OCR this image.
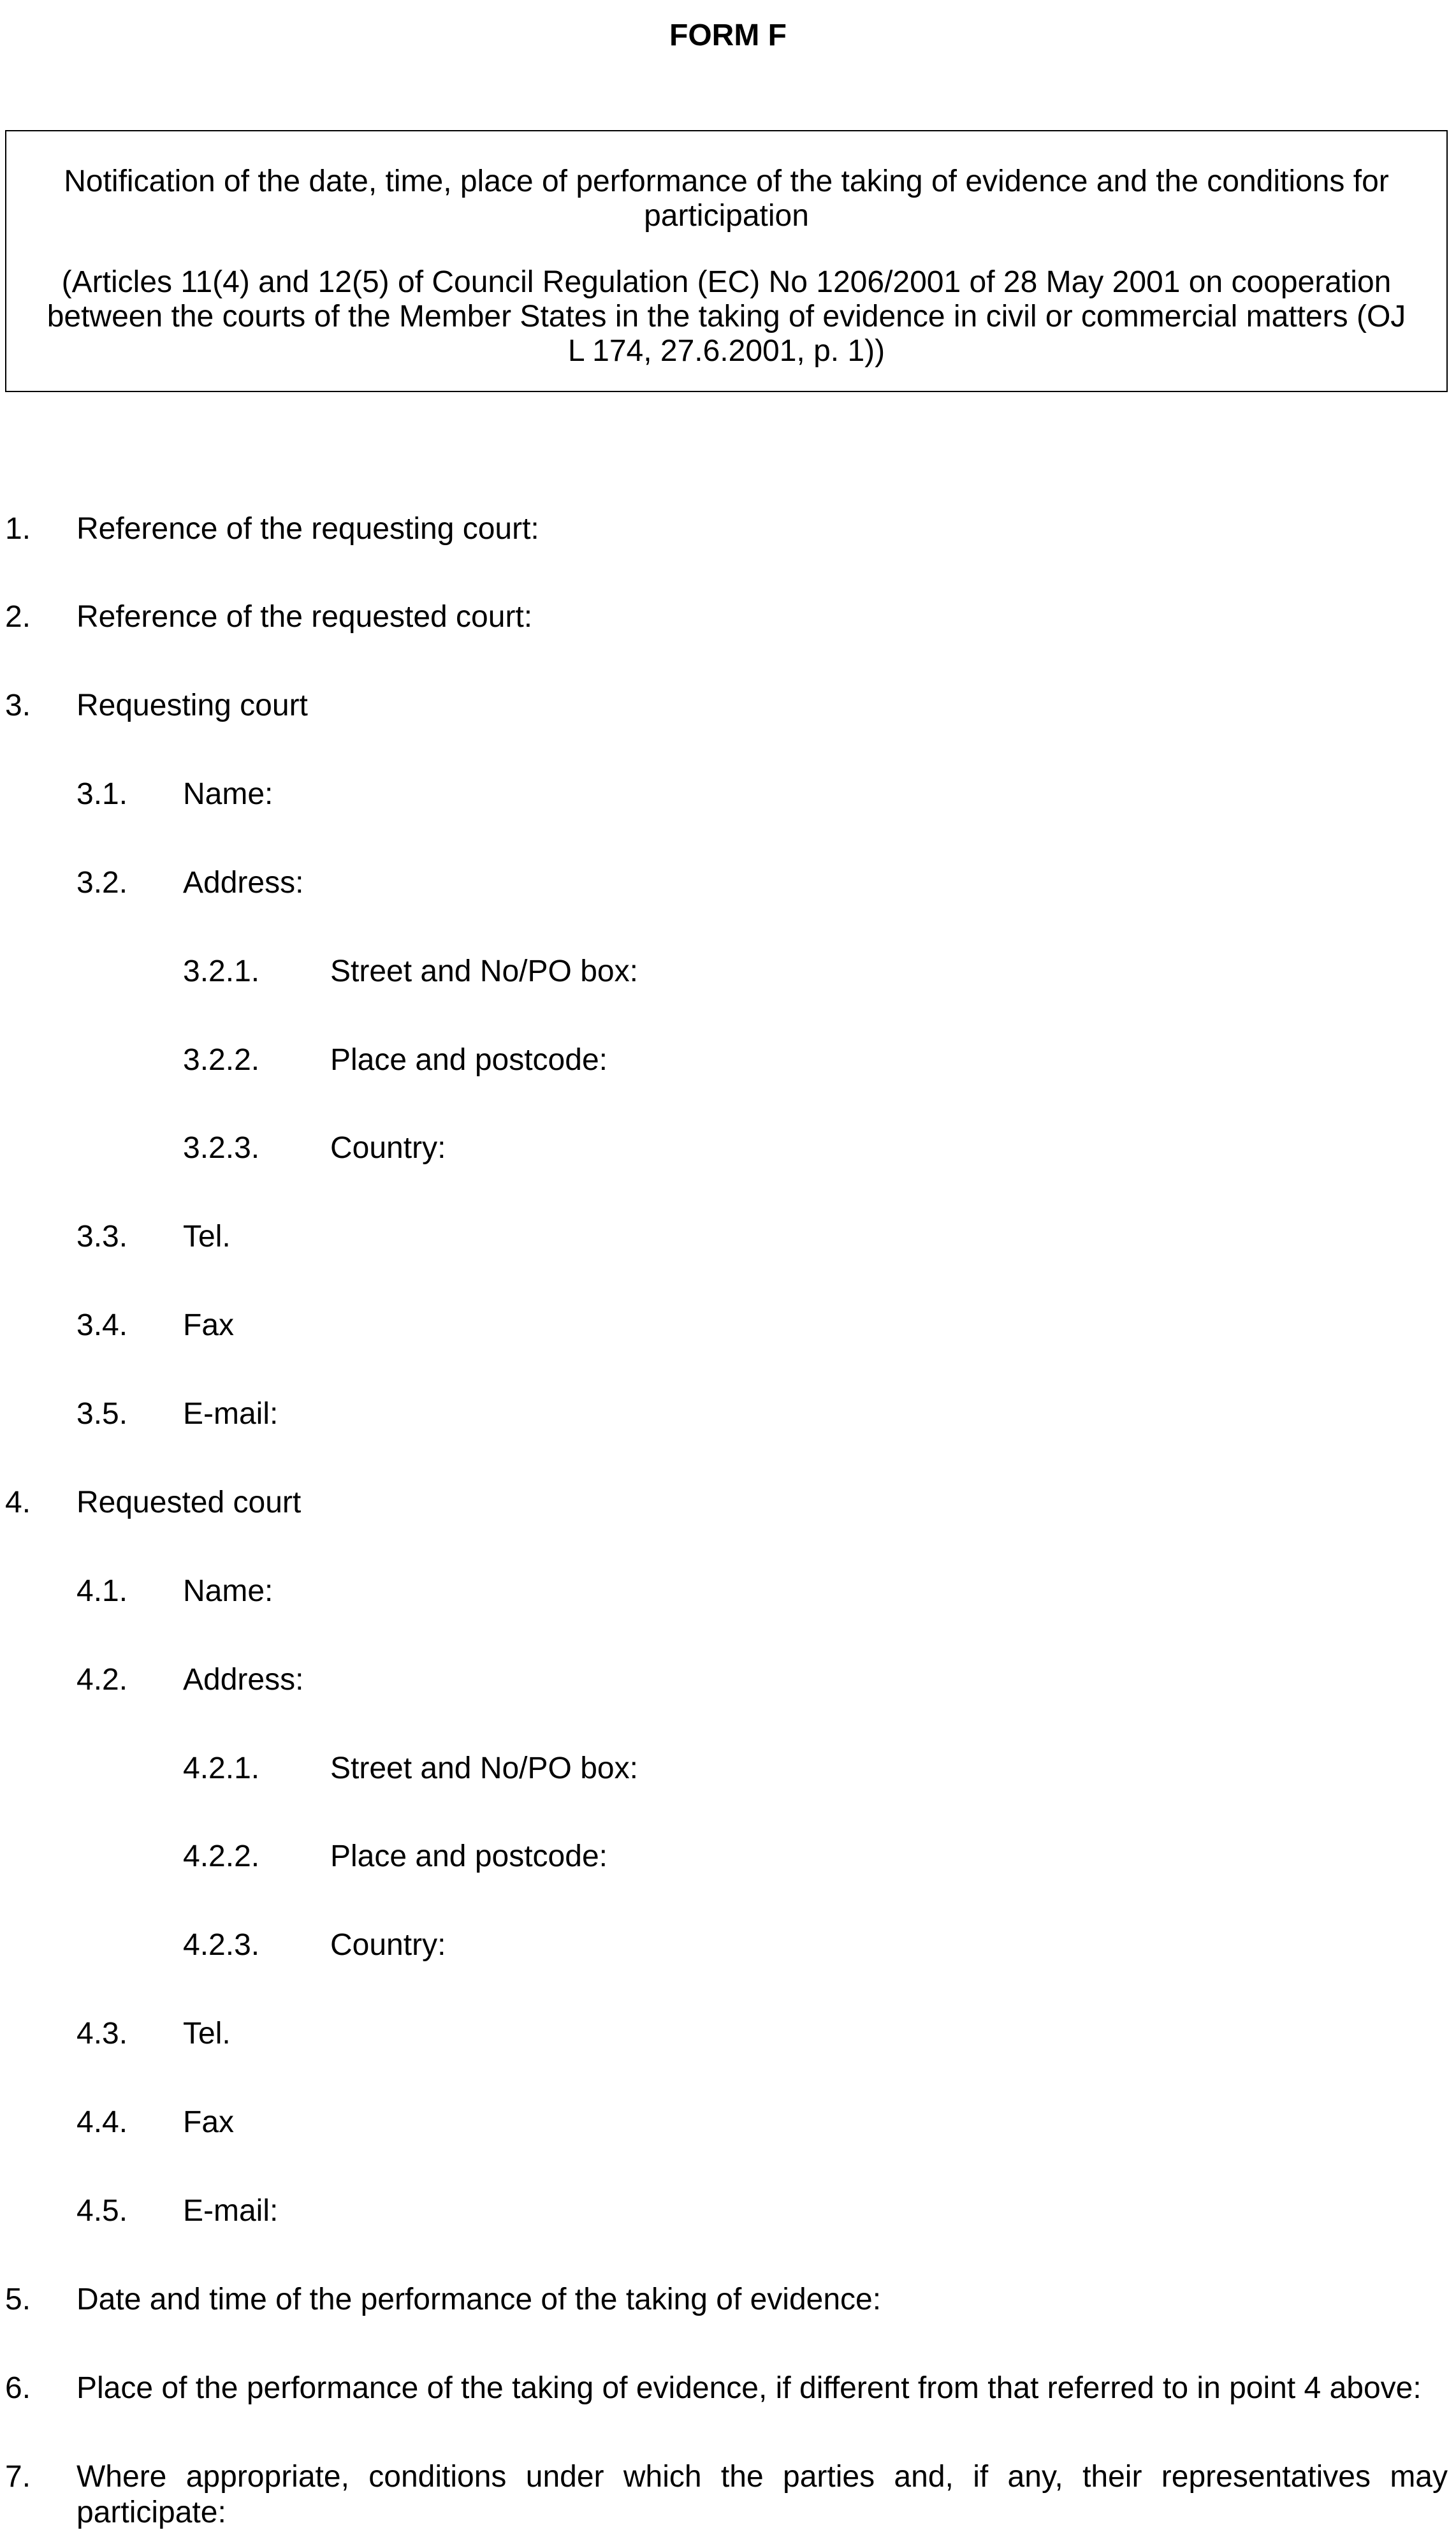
FORM F
Notification of the date, time, place of performance of the taking of evidence and the conditions for participation
(Articles 11(4) and 12(5) of Council Regulation (EC) No 1206/2001 of 28 May 2001 on cooperation between the courts of the Member States in the taking of evidence in civil or commercial matters (OJ L 174, 27.6.2001, p. 1))
1. Reference of the requesting court:
2. Reference of the requested court:
3. Requesting court
3.1. Name:
3.2. Address:
3.2.1. Street and No/PO box:
3.2.2. Place and postcode:
3.2.3. Country:
3.3. Tel.
3.4. Fax
3.5. E-mail:
4. Requested court
4.1. Name:
4.2. Address:
4.2.1. Street and No/PO box:
4.2.2. Place and postcode:
4.2.3. Country:
4.3. Tel.
4.4. Fax
4.5. E-mail:
5. Date and time of the performance of the taking of evidence:
6. Place of the performance of the taking of evidence, if different from that referred to in point 4 above:
7. Where appropriate, conditions under which the parties and, if any, their representatives may participate:
